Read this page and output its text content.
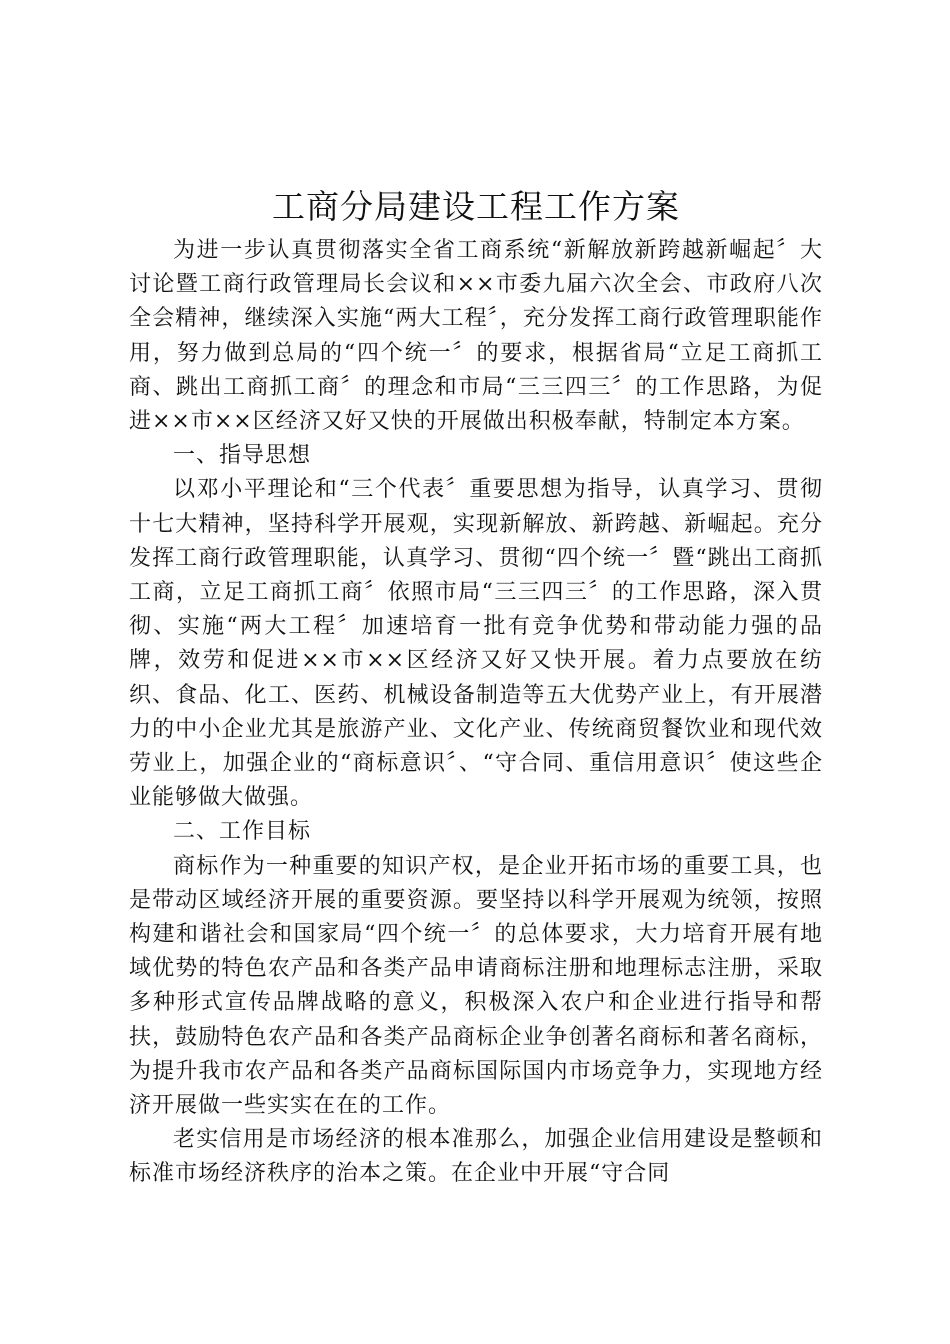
工商分局建设工程工作方案

为进一步认真贯彻落实全省工商系统“新解放新跨越新崛起〞大讨论暨工商行政管理局长会议和××市委九届六次全会、市政府八次全会精神，继续深入实施“两大工程〞，充分发挥工商行政管理职能作用，努力做到总局的“四个统一〞的要求，根据省局“立足工商抓工商、跳出工商抓工商〞的理念和市局“三三四三〞的工作思路，为促进××市××区经济又好又快的开展做出积极奉献，特制定本方案。

一、指导思想

以邓小平理论和“三个代表〞重要思想为指导，认真学习、贯彻十七大精神，坚持科学开展观，实现新解放、新跨越、新崛起。充分发挥工商行政管理职能，认真学习、贯彻“四个统一〞暨“跳出工商抓工商，立足工商抓工商〞依照市局“三三四三〞的工作思路，深入贯彻、实施“两大工程〞加速培育一批有竞争优势和带动能力强的品牌，效劳和促进××市××区经济又好又快开展。着力点要放在纺织、食品、化工、医药、机械设备制造等五大优势产业上，有开展潜力的中小企业尤其是旅游产业、文化产业、传统商贸餐饮业和现代效劳业上，加强企业的“商标意识〞、“守合同、重信用意识〞使这些企业能够做大做强。

二、工作目标

商标作为一种重要的知识产权，是企业开拓市场的重要工具，也是带动区域经济开展的重要资源。要坚持以科学开展观为统领，按照构建和谐社会和国家局“四个统一〞的总体要求，大力培育开展有地域优势的特色农产品和各类产品申请商标注册和地理标志注册，采取多种形式宣传品牌战略的意义，积极深入农户和企业进行指导和帮扶，鼓励特色农产品和各类产品商标企业争创著名商标和著名商标，为提升我市农产品和各类产品商标国际国内市场竞争力，实现地方经济开展做一些实实在在的工作。

老实信用是市场经济的根本准那么，加强企业信用建设是整顿和标准市场经济秩序的治本之策。在企业中开展“守合同
